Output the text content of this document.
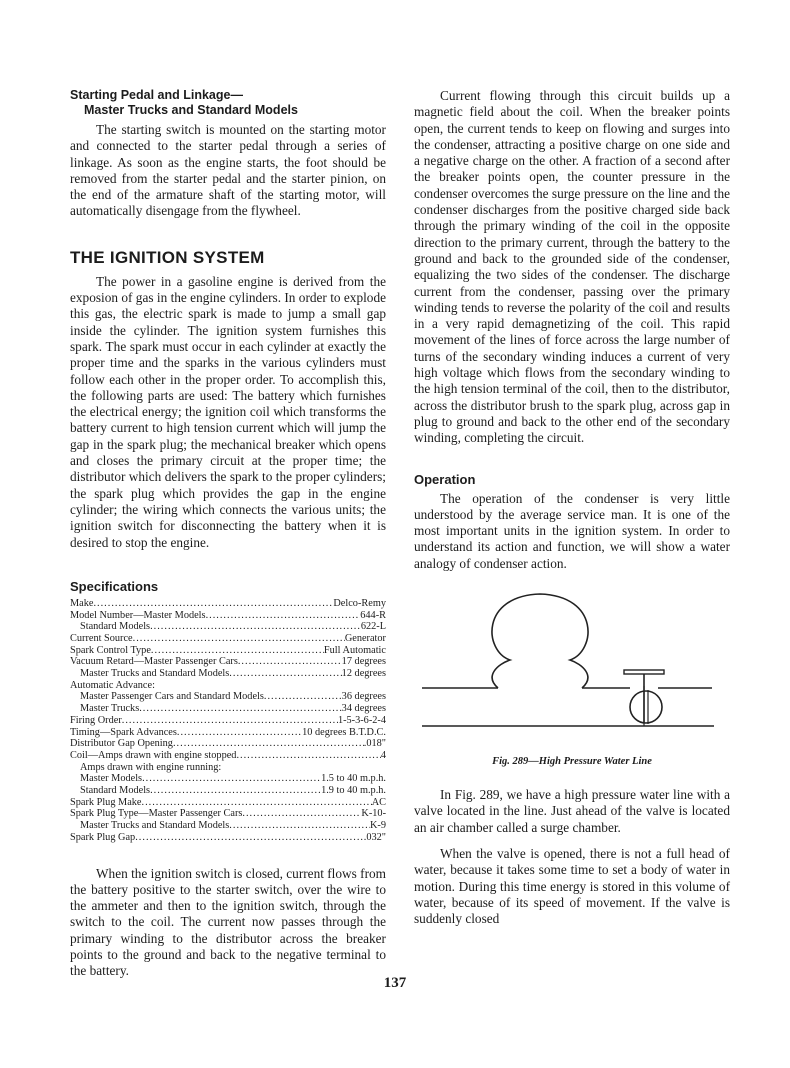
Starting Pedal and Linkage—
Master Trucks and Standard Models

The starting switch is mounted on the starting motor and connected to the starter pedal through a series of linkage. As soon as the engine starts, the foot should be removed from the starter pedal and the starter pinion, on the end of the armature shaft of the starting motor, will automatically disengage from the flywheel.

THE IGNITION SYSTEM

The power in a gasoline engine is derived from the exposion of gas in the engine cylinders. In order to explode this gas, the electric spark is made to jump a small gap inside the cylinder. The ignition system furnishes this spark. The spark must occur in each cylinder at exactly the proper time and the sparks in the various cylinders must follow each other in the proper order. To accomplish this, the following parts are used: The battery which furnishes the electrical energy; the ignition coil which transforms the battery current to high tension current which will jump the gap in the spark plug; the mechanical breaker which opens and closes the primary circuit at the proper time; the distributor which delivers the spark to the proper cylinders; the spark plug which provides the gap in the engine cylinder; the wiring which connects the various units; the ignition switch for disconnecting the battery when it is desired to stop the engine.

Specifications
Make .....	Delco-Remy
Model Number—Master Models .....	644-R
Standard Models .....	622-L
Current Source .....	Generator
Spark Control Type .....	Full Automatic
Vacuum Retard—Master Passenger Cars .....	17 degrees
Master Trucks and Standard Models .....	12 degrees
Automatic Advance:
Master Passenger Cars and Standard Models .....	36 degrees
Master Trucks .....	34 degrees
Firing Order .....	1-5-3-6-2-4
Timing—Spark Advances .....	10 degrees B.T.D.C.
Distributor Gap Opening .....	.018"
Coil—Amps drawn with engine stopped .....	4
Amps drawn with engine running:
Master Models .....	1.5 to 40 m.p.h.
Standard Models .....	1.9 to 40 m.p.h.
Spark Plug Make .....	AC
Spark Plug Type—Master Passenger Cars .....	K-10-
Master Trucks and Standard Models .....	K-9
Spark Plug Gap .....	.032"

When the ignition switch is closed, current flows from the battery positive to the starter switch, over the wire to the ammeter and then to the ignition switch, through the switch to the coil. The current now passes through the primary winding to the distributor across the breaker points to the ground and back to the negative terminal to the battery.

Current flowing through this circuit builds up a magnetic field about the coil. When the breaker points open, the current tends to keep on flowing and surges into the condenser, attracting a positive charge on one side and a negative charge on the other. A fraction of a second after the breaker points open, the counter pressure in the condenser overcomes the surge pressure on the line and the condenser discharges from the positive charged side back through the primary winding of the coil in the opposite direction to the primary current, through the battery to the ground and back to the grounded side of the condenser, equalizing the two sides of the condenser. The discharge current from the condenser, passing over the primary winding tends to reverse the polarity of the coil and results in a very rapid demagnetizing of the coil. This rapid movement of the lines of force across the large number of turns of the secondary winding induces a current of very high voltage which flows from the secondary winding to the high tension terminal of the coil, then to the distributor, across the distributor brush to the spark plug, across gap in plug to ground and back to the other end of the secondary winding, completing the circuit.

Operation

The operation of the condenser is very little understood by the average service man. It is one of the most important units in the ignition system. In order to understand its action and function, we will show a water analogy of condenser action.

Fig. 289—High Pressure Water Line

In Fig. 289, we have a high pressure water line with a valve located in the line. Just ahead of the valve is located an air chamber called a surge chamber.

When the valve is opened, there is not a full head of water, because it takes some time to set a body of water in motion. During this time energy is stored in this volume of water, because of its speed of movement. If the valve is suddenly closed

137
